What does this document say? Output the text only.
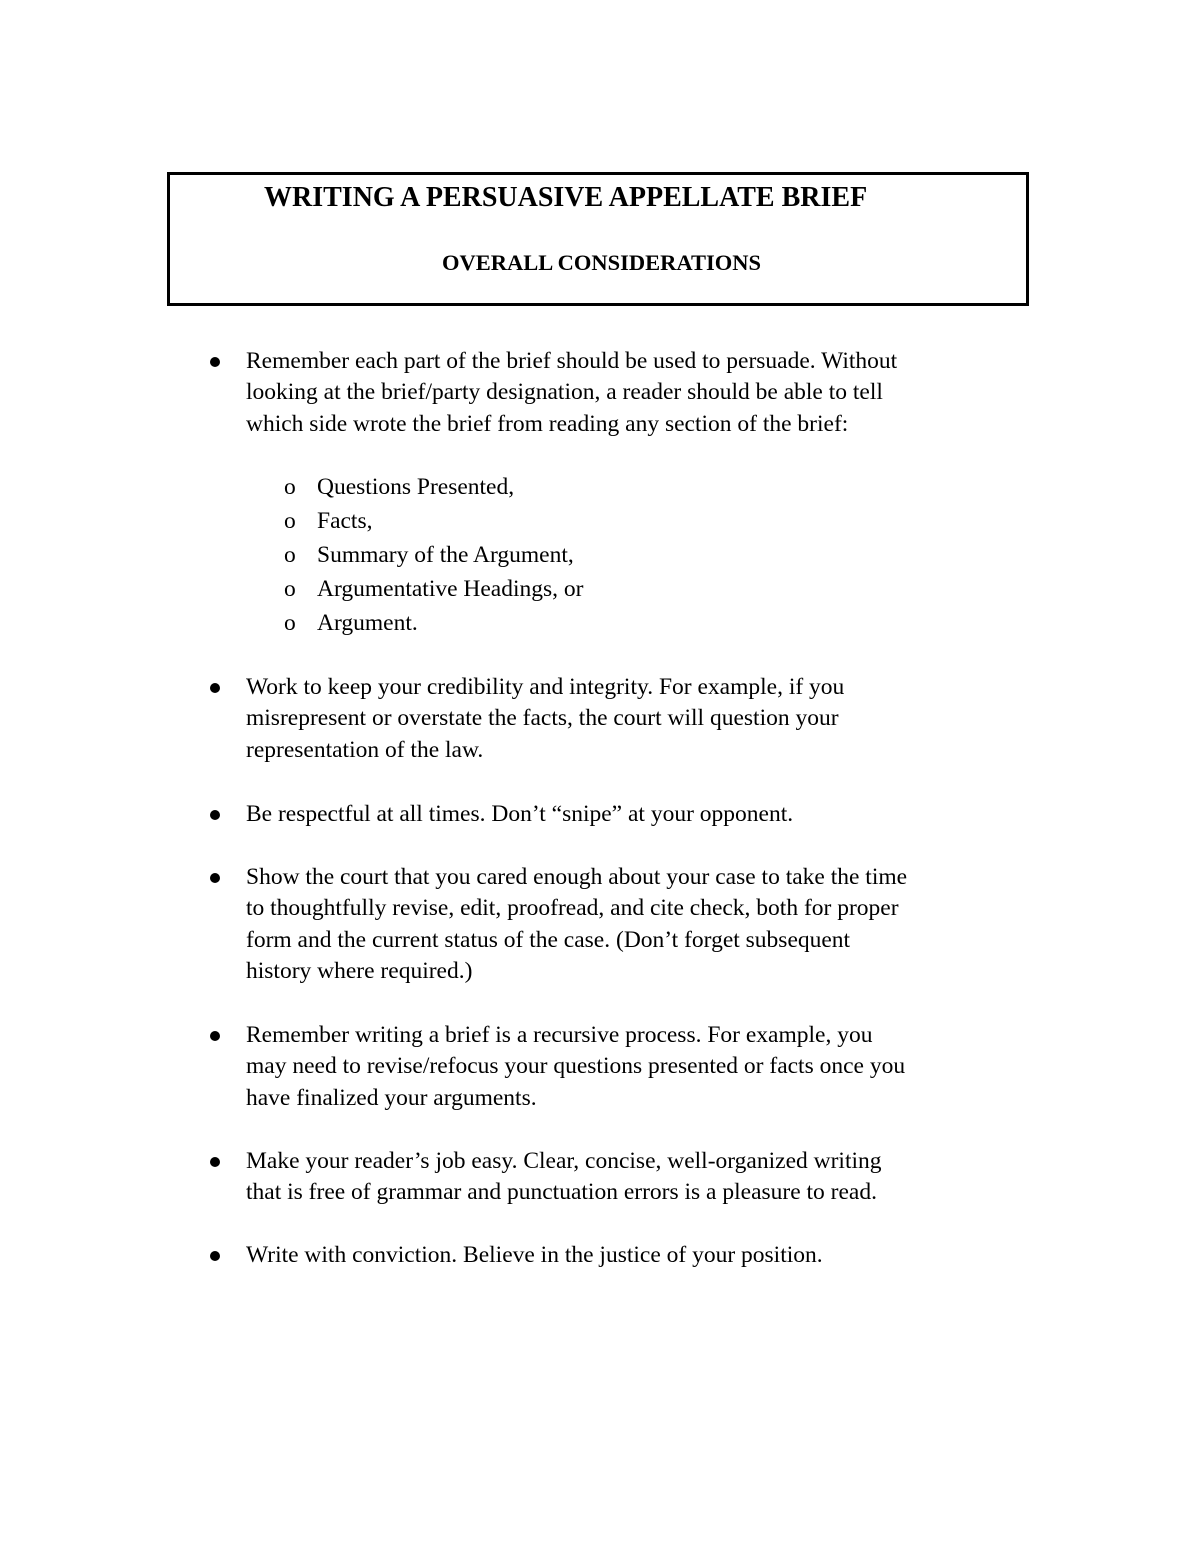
WRITING A PERSUASIVE APPELLATE BRIEF
OVERALL CONSIDERATIONS
Remember each part of the brief should be used to persuade. Without
looking at the brief/party designation, a reader should be able to tell
which side wrote the brief from reading any section of the brief:
o Questions Presented,
o Facts,
o Summary of the Argument,
o Argumentative Headings, or
o Argument.
Work to keep your credibility and integrity. For example, if you
misrepresent or overstate the facts, the court will question your
representation of the law.
Be respectful at all times. Don’t “snipe” at your opponent.
Show the court that you cared enough about your case to take the time
to thoughtfully revise, edit, proofread, and cite check, both for proper
form and the current status of the case. (Don’t forget subsequent
history where required.)
Remember writing a brief is a recursive process. For example, you
may need to revise/refocus your questions presented or facts once you
have finalized your arguments.
Make your reader’s job easy. Clear, concise, well-organized writing
that is free of grammar and punctuation errors is a pleasure to read.
Write with conviction. Believe in the justice of your position.
